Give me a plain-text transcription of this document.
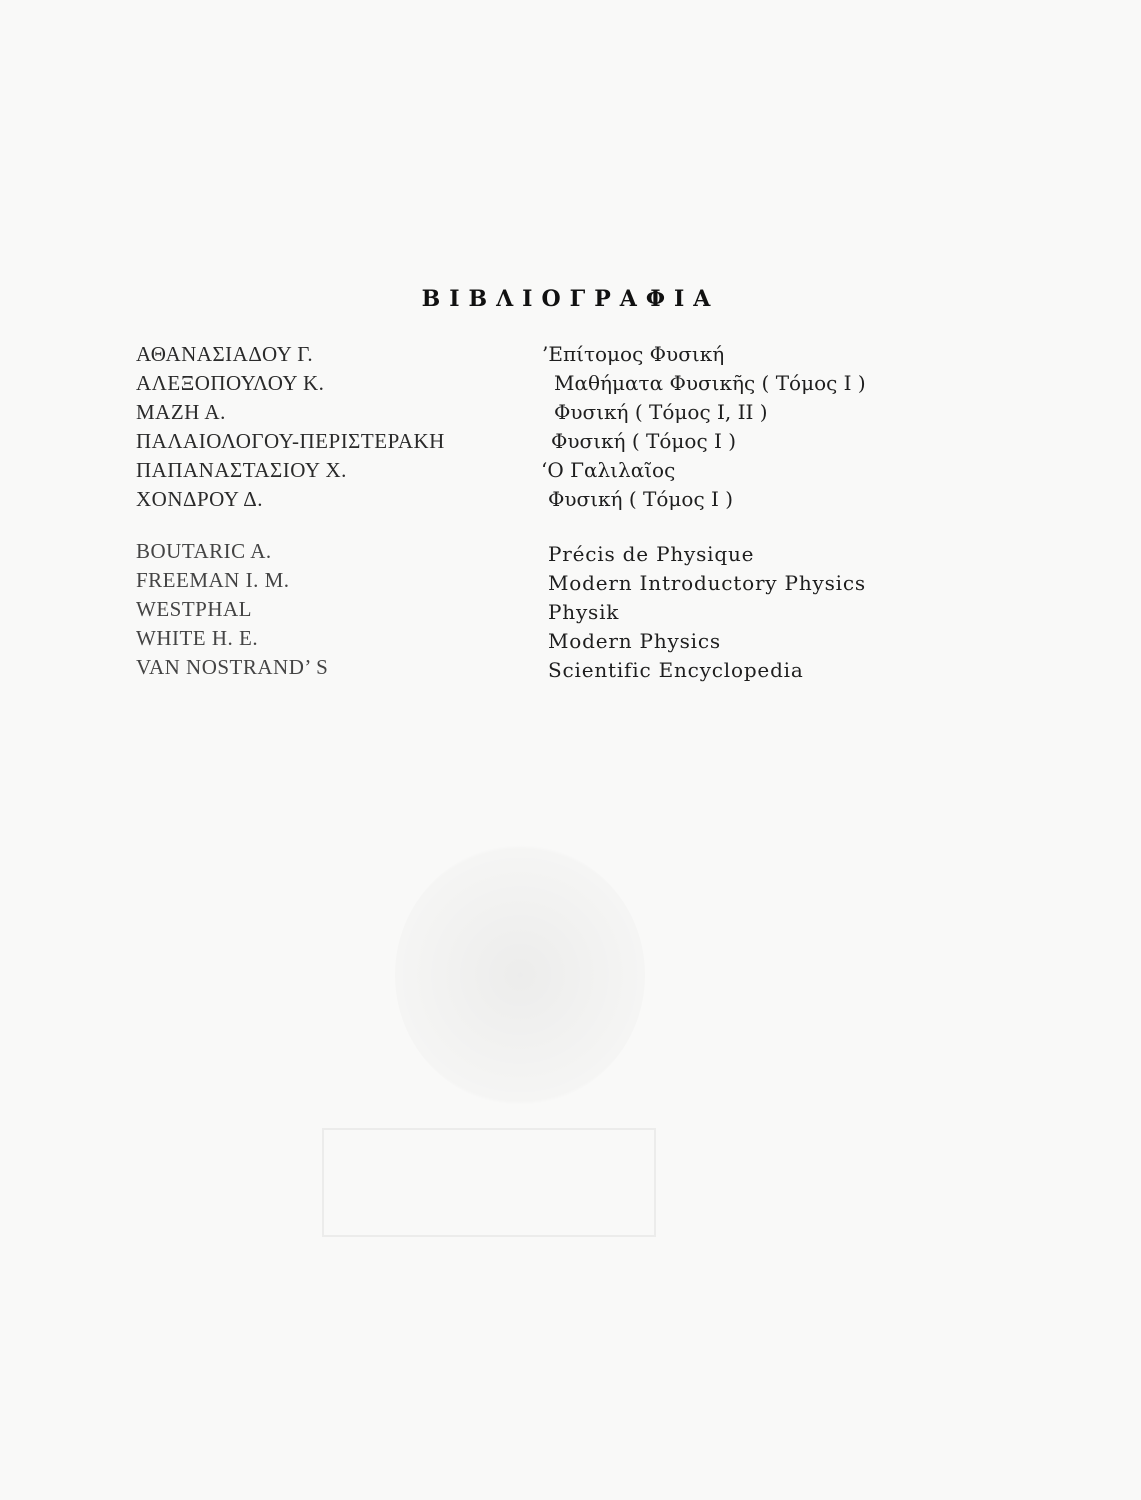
ΒΙΒΛΙΟΓΡΑΦΙΑ
ΑΘΑΝΑΣΙΑΔΟΥ Γ.
ΑΛΕΞΟΠΟΥΛΟΥ Κ.
ΜΑΖΗ Α.
ΠΑΛΑΙΟΛΟΓΟΥ-ΠΕΡΙΣΤΕΡΑΚΗ
ΠΑΠΑΝΑΣΤΑΣΙΟΥ Χ.
ΧΟΝΔΡΟΥ Δ.
’Επίτομος Φυσική
Μαθήματα Φυσικῆς ( Τόμος Ι )
Φυσική ( Τόμος Ι, ΙΙ )
Φυσική ( Τόμος Ι )
‘Ο Γαλιλαῖος
Φυσική ( Τόμος Ι )
BOUTARIC A.
FREEMAN I. M.
WESTPHAL
WHITE H. E.
VAN NOSTRAND’ S
Précis de Physique
Modern Introductory Physics
Physik
Modern Physics
Scientific Encyclopedia
